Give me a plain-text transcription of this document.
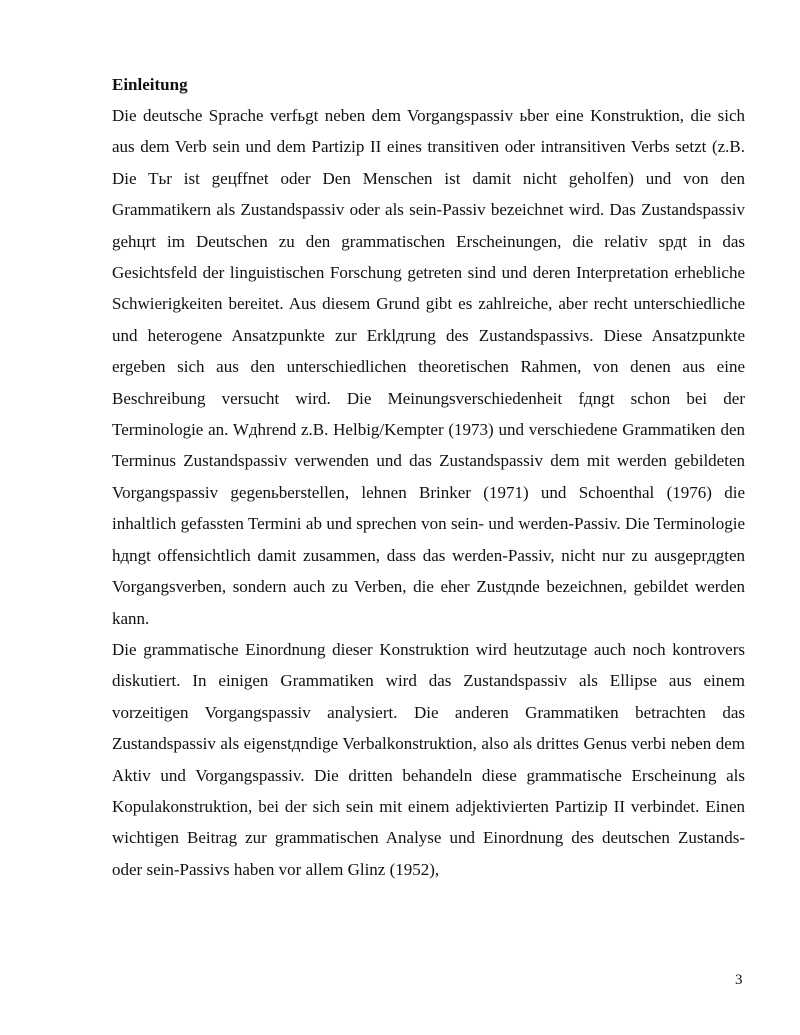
Einleitung

Die deutsche Sprache verfьgt neben dem Vorgangspassiv ьber eine Konstruktion, die sich aus dem Verb sein und dem Partizip II eines transitiven oder intransitiven Verbs setzt (z.B. Die Tьr ist geцffnet oder Den Menschen ist damit nicht geholfen) und von den Grammatikern als Zustandspassiv oder als sein-Passiv bezeichnet wird. Das Zustandspassiv gehцrt im Deutschen zu den grammatischen Erscheinungen, die relativ spдt in das Gesichtsfeld der linguistischen Forschung getreten sind und deren Interpretation erhebliche Schwierigkeiten bereitet. Aus diesem Grund gibt es zahlreiche, aber recht unterschiedliche und heterogene Ansatzpunkte zur Erklдrung des Zustandspassivs. Diese Ansatzpunkte ergeben sich aus den unterschiedlichen theoretischen Rahmen, von denen aus eine Beschreibung versucht wird. Die Meinungsverschiedenheit fдngt schon bei der Terminologie an. Wдhrend z.B. Helbig/Kempter (1973) und verschiedene Grammatiken den Terminus Zustandspassiv verwenden und das Zustandspassiv dem mit werden gebildeten Vorgangspassiv gegenьberstellen, lehnen Brinker (1971) und Schoenthal (1976) die inhaltlich gefassten Termini ab und sprechen von sein- und werden-Passiv. Die Terminologie hдngt offensichtlich damit zusammen, dass das werden-Passiv, nicht nur zu ausgeprдgten Vorgangsverben, sondern auch zu Verben, die eher Zustдnde bezeichnen, gebildet werden kann.

Die grammatische Einordnung dieser Konstruktion wird heutzutage auch noch kontrovers diskutiert. In einigen Grammatiken wird das Zustandspassiv als Ellipse aus einem vorzeitigen Vorgangspassiv analysiert. Die anderen Grammatiken betrachten das Zustandspassiv als eigenstдndige Verbalkonstruktion, also als drittes Genus verbi neben dem Aktiv und Vorgangspassiv. Die dritten behandeln diese grammatische Erscheinung als Kopulakonstruktion, bei der sich sein mit einem adjektivierten Partizip II verbindet. Einen wichtigen Beitrag zur grammatischen Analyse und Einordnung des deutschen Zustands- oder sein-Passivs haben vor allem Glinz (1952),

3
